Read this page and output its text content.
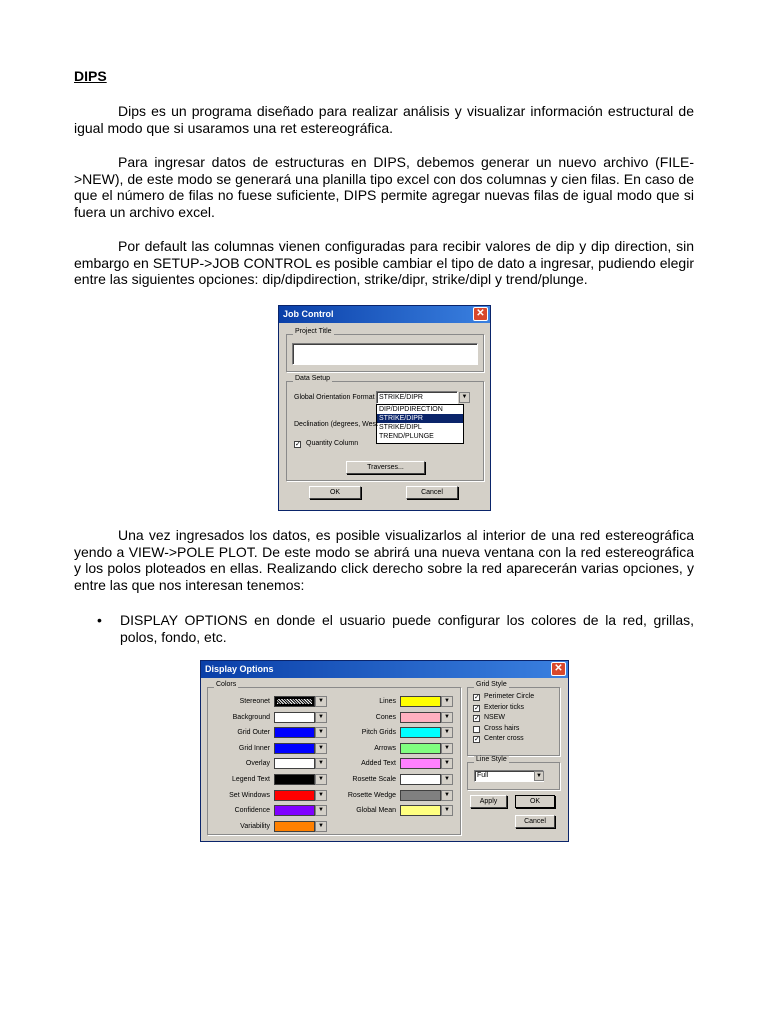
DIPS
Dips es un programa diseñado para realizar análisis y visualizar información estructural de igual modo que si usaramos una ret estereográfica.
Para ingresar datos de estructuras en DIPS, debemos generar un nuevo archivo (FILE->NEW), de este modo se generará una planilla tipo excel con dos columnas y cien filas. En caso de que el número de filas no fuese suficiente, DIPS permite agregar nuevas filas de igual modo que si fuera un archivo excel.
Por default las columnas vienen configuradas para recibir valores de dip y dip direction, sin embargo en SETUP->JOB CONTROL es posible cambiar el tipo de dato a ingresar, pudiendo elegir entre las siguientes opciones: dip/dipdirection, strike/dipr, strike/dipl y trend/plunge.
Job Control	✕
Project Title
Data Setup
Global Orientation Format STRIKE/DIPR	▼
DIP/DIPDIRECTION
STRIKE/DIPR
STRIKE/DIPL
TREND/PLUNGE
Declination (degrees, West
✓ Quantity Column
Traverses...
OK	Cancel
Una vez ingresados los datos, es posible visualizarlos al interior de una red estereográfica yendo a VIEW->POLE PLOT. De este modo se abrirá una nueva ventana con la red estereográfica y los polos ploteados en ellas. Realizando click derecho sobre la red aparecerán varias opciones, y entre las que nos interesan tenemos:
• DISPLAY OPTIONS en donde el usuario puede configurar los colores de la red, grillas, polos, fondo, etc.
Display Options	✕
Colors
Stereonet	▼
Background	▼
Grid Outer	▼
Grid Inner	▼
Overlay	▼
Legend Text	▼
Set Windows	▼
Confidence	▼
Variability	▼
Lines	▼
Cones	▼
Pitch Grids	▼
Arrows	▼
Added Text	▼
Rosette Scale	▼
Rosette Wedge	▼
Global Mean	▼
Grid Style
✓ Perimeter Circle
✓ Exterior ticks
✓ NSEW
Cross hairs
✓ Center cross
Line Style
Full	▼
Apply	OK
Cancel
